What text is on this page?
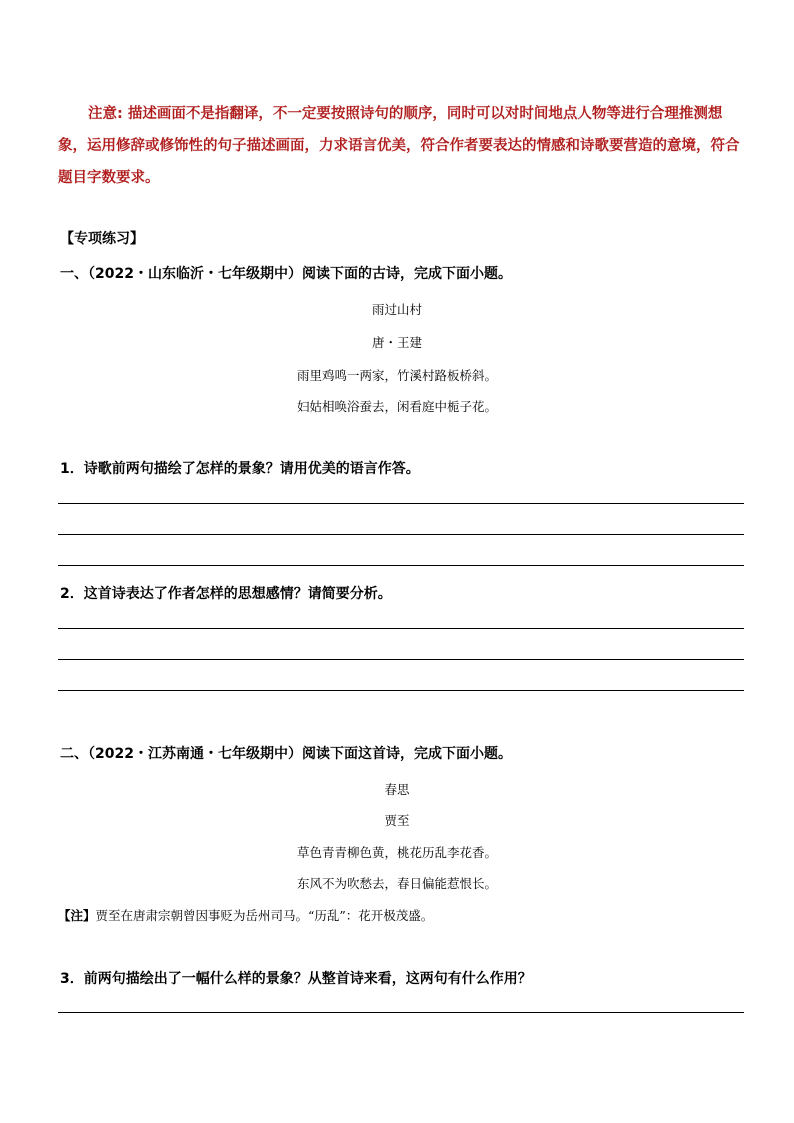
注意: 描述画面不是指翻译，不一定要按照诗句的顺序，同时可以对时间地点人物等进行合理推测想象，运用修辞或修饰性的句子描述画面，力求语言优美，符合作者要表达的情感和诗歌要营造的意境，符合题目字数要求。
【专项练习】
一、（2022・山东临沂・七年级期中）阅读下面的古诗，完成下面小题。
雨过山村
唐・王建
雨里鸡鸣一两家，竹溪村路板桥斜。
妇姑相唤浴蚕去，闲看庭中栀子花。
1．诗歌前两句描绘了怎样的景象？请用优美的语言作答。
2．这首诗表达了作者怎样的思想感情？请简要分析。
二、（2022・江苏南通・七年级期中）阅读下面这首诗，完成下面小题。
春思
贾至
草色青青柳色黄，桃花历乱李花香。
东风不为吹愁去，春日偏能惹恨长。
【注】贾至在唐肃宗朝曾因事贬为岳州司马。“历乱”：花开极茂盛。
3．前两句描绘出了一幅什么样的景象？从整首诗来看，这两句有什么作用？
